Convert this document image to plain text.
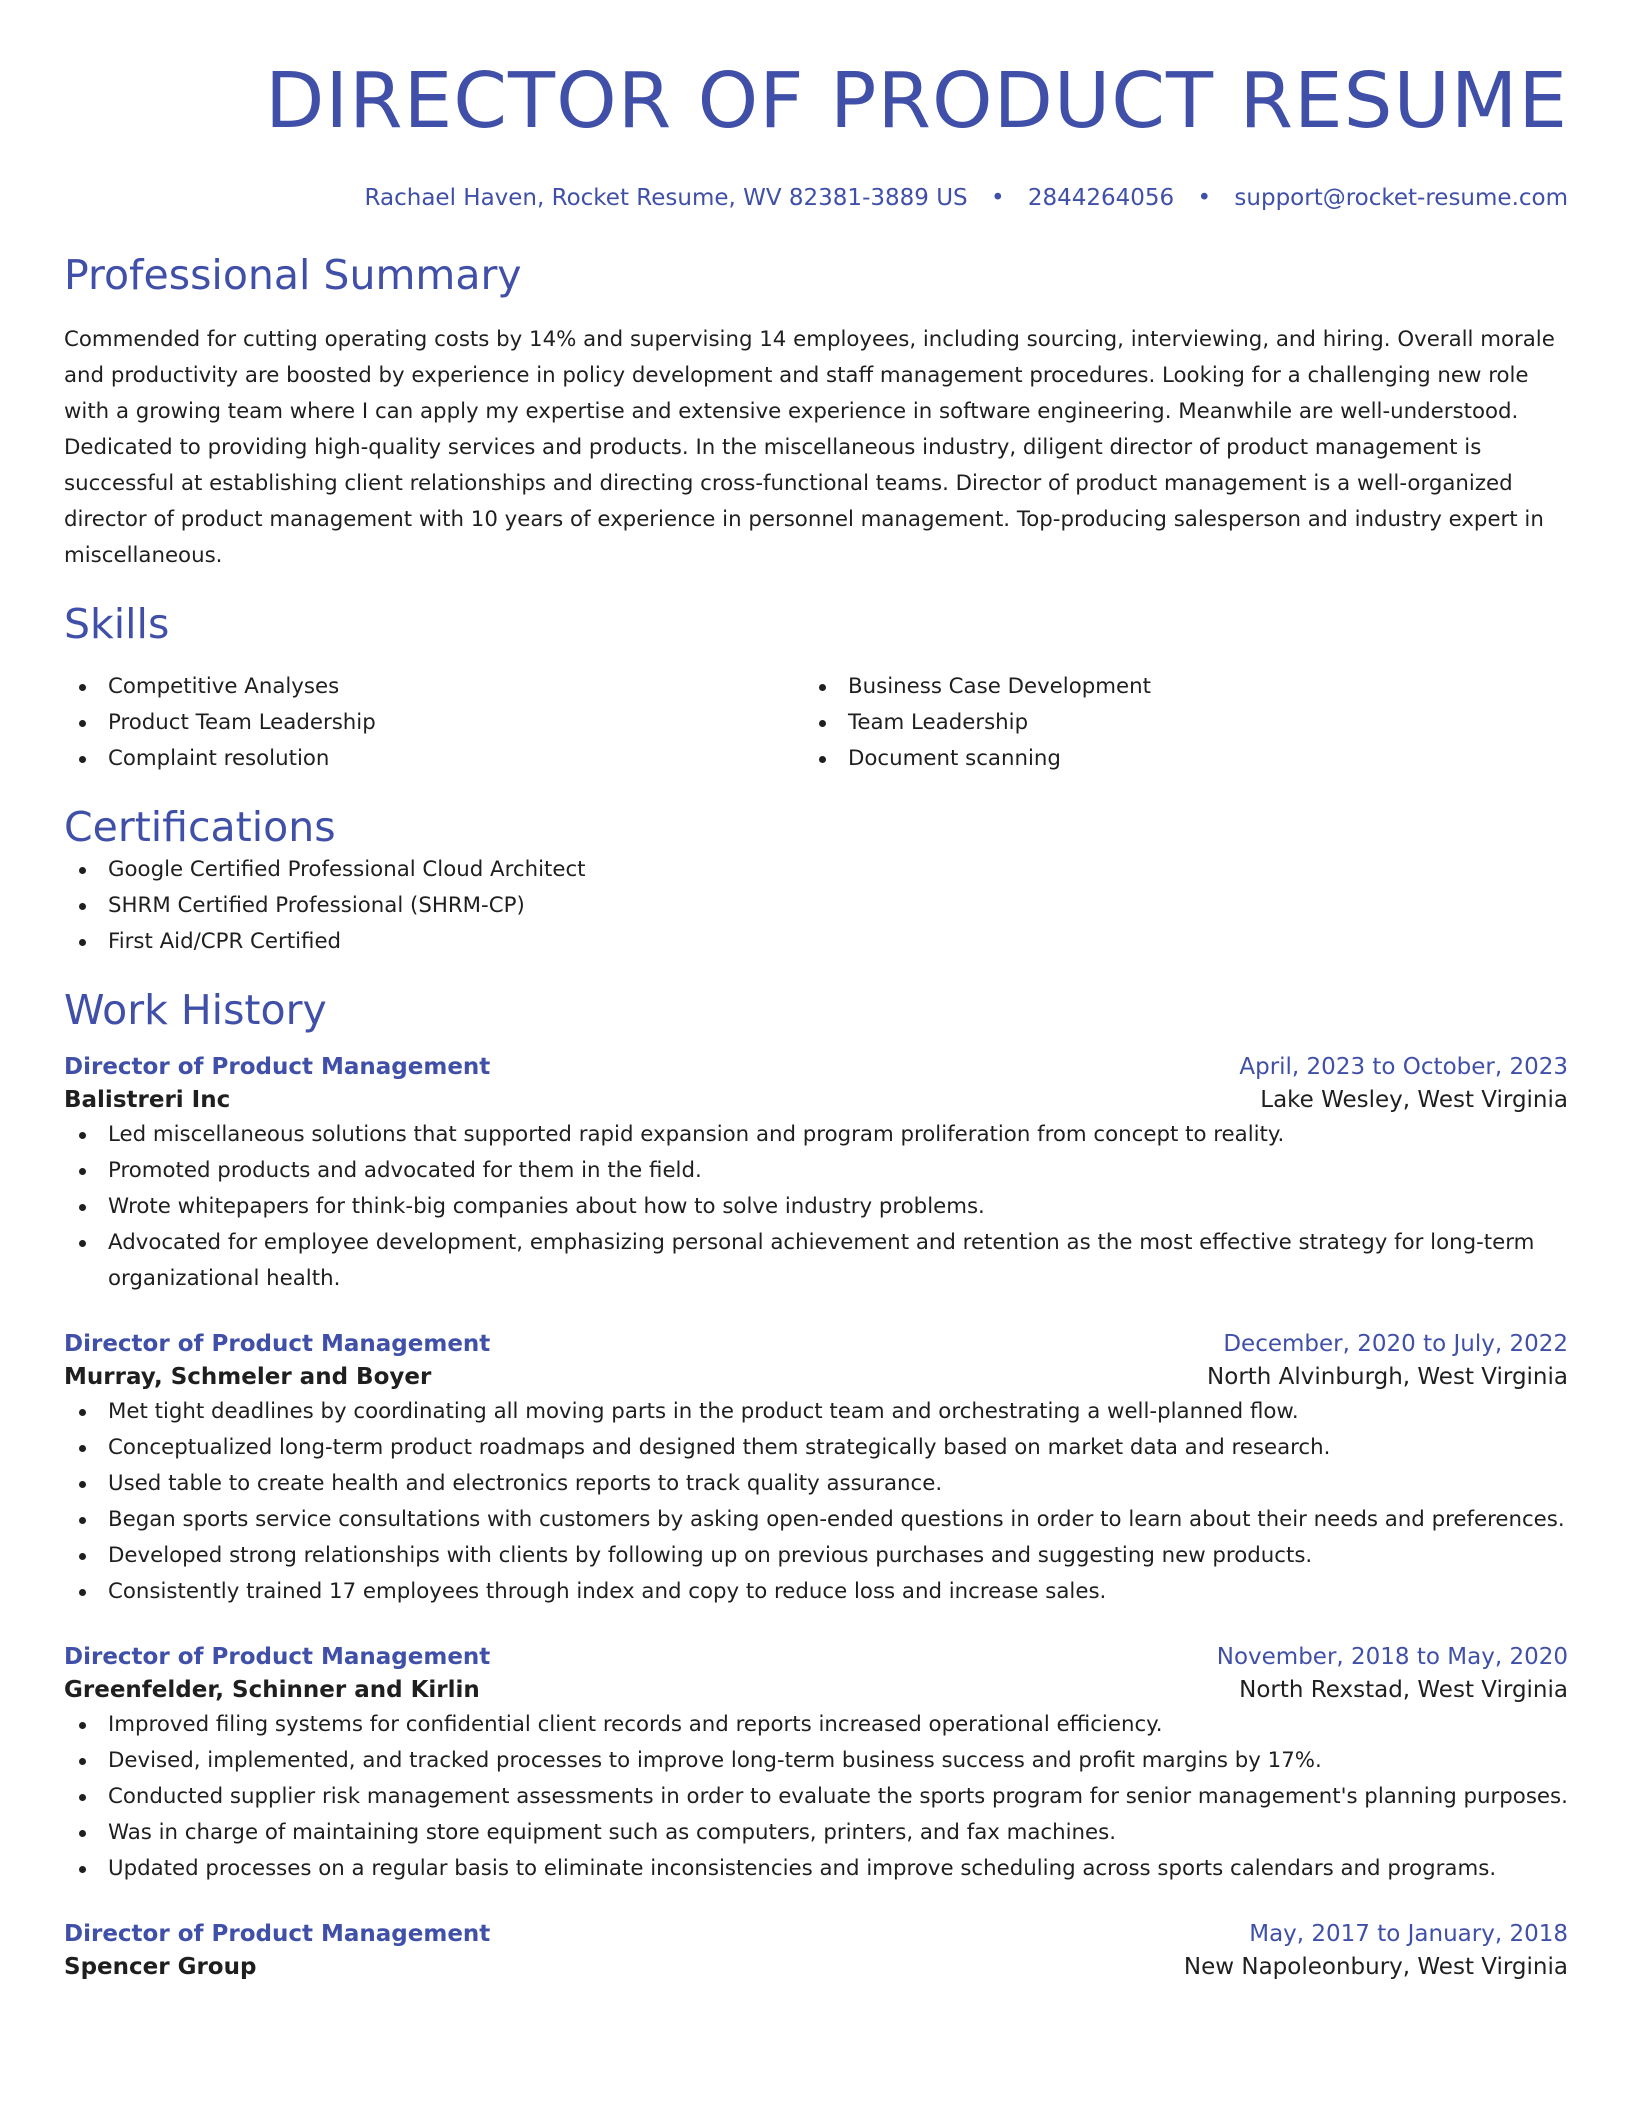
DIRECTOR OF PRODUCT RESUME
Rachael Haven, Rocket Resume, WV 82381-3889 US • 2844264056 • support@rocket-resume.com
Professional Summary

Commended for cutting operating costs by 14% and supervising 14 employees, including sourcing, interviewing, and hiring. Overall morale and productivity are boosted by experience in policy development and staff management procedures. Looking for a challenging new role with a growing team where I can apply my expertise and extensive experience in software engineering. Meanwhile are well-understood. Dedicated to providing high-quality services and products. In the miscellaneous industry, diligent director of product management is successful at establishing client relationships and directing cross-functional teams. Director of product management is a well-organized director of product management with 10 years of experience in personnel management. Top-producing salesperson and industry expert in miscellaneous.

Skills
Competitive Analyses
Product Team Leadership
Complaint resolution
Business Case Development
Team Leadership
Document scanning
Certifications
Google Certified Professional Cloud Architect
SHRM Certified Professional (SHRM-CP)
First Aid/CPR Certified
Work History
Director of Product Management	April, 2023 to October, 2023
Balistreri Inc	Lake Wesley, West Virginia
Led miscellaneous solutions that supported rapid expansion and program proliferation from concept to reality.
Promoted products and advocated for them in the field.
Wrote whitepapers for think-big companies about how to solve industry problems.
Advocated for employee development, emphasizing personal achievement and retention as the most effective strategy for long-term organizational health.
Director of Product Management	December, 2020 to July, 2022
Murray, Schmeler and Boyer	North Alvinburgh, West Virginia
Met tight deadlines by coordinating all moving parts in the product team and orchestrating a well-planned flow.
Conceptualized long-term product roadmaps and designed them strategically based on market data and research.
Used table to create health and electronics reports to track quality assurance.
Began sports service consultations with customers by asking open-ended questions in order to learn about their needs and preferences.
Developed strong relationships with clients by following up on previous purchases and suggesting new products.
Consistently trained 17 employees through index and copy to reduce loss and increase sales.
Director of Product Management	November, 2018 to May, 2020
Greenfelder, Schinner and Kirlin	North Rexstad, West Virginia
Improved filing systems for confidential client records and reports increased operational efficiency.
Devised, implemented, and tracked processes to improve long-term business success and profit margins by 17%.
Conducted supplier risk management assessments in order to evaluate the sports program for senior management's planning purposes.
Was in charge of maintaining store equipment such as computers, printers, and fax machines.
Updated processes on a regular basis to eliminate inconsistencies and improve scheduling across sports calendars and programs.
Director of Product Management	May, 2017 to January, 2018
Spencer Group	New Napoleonbury, West Virginia
